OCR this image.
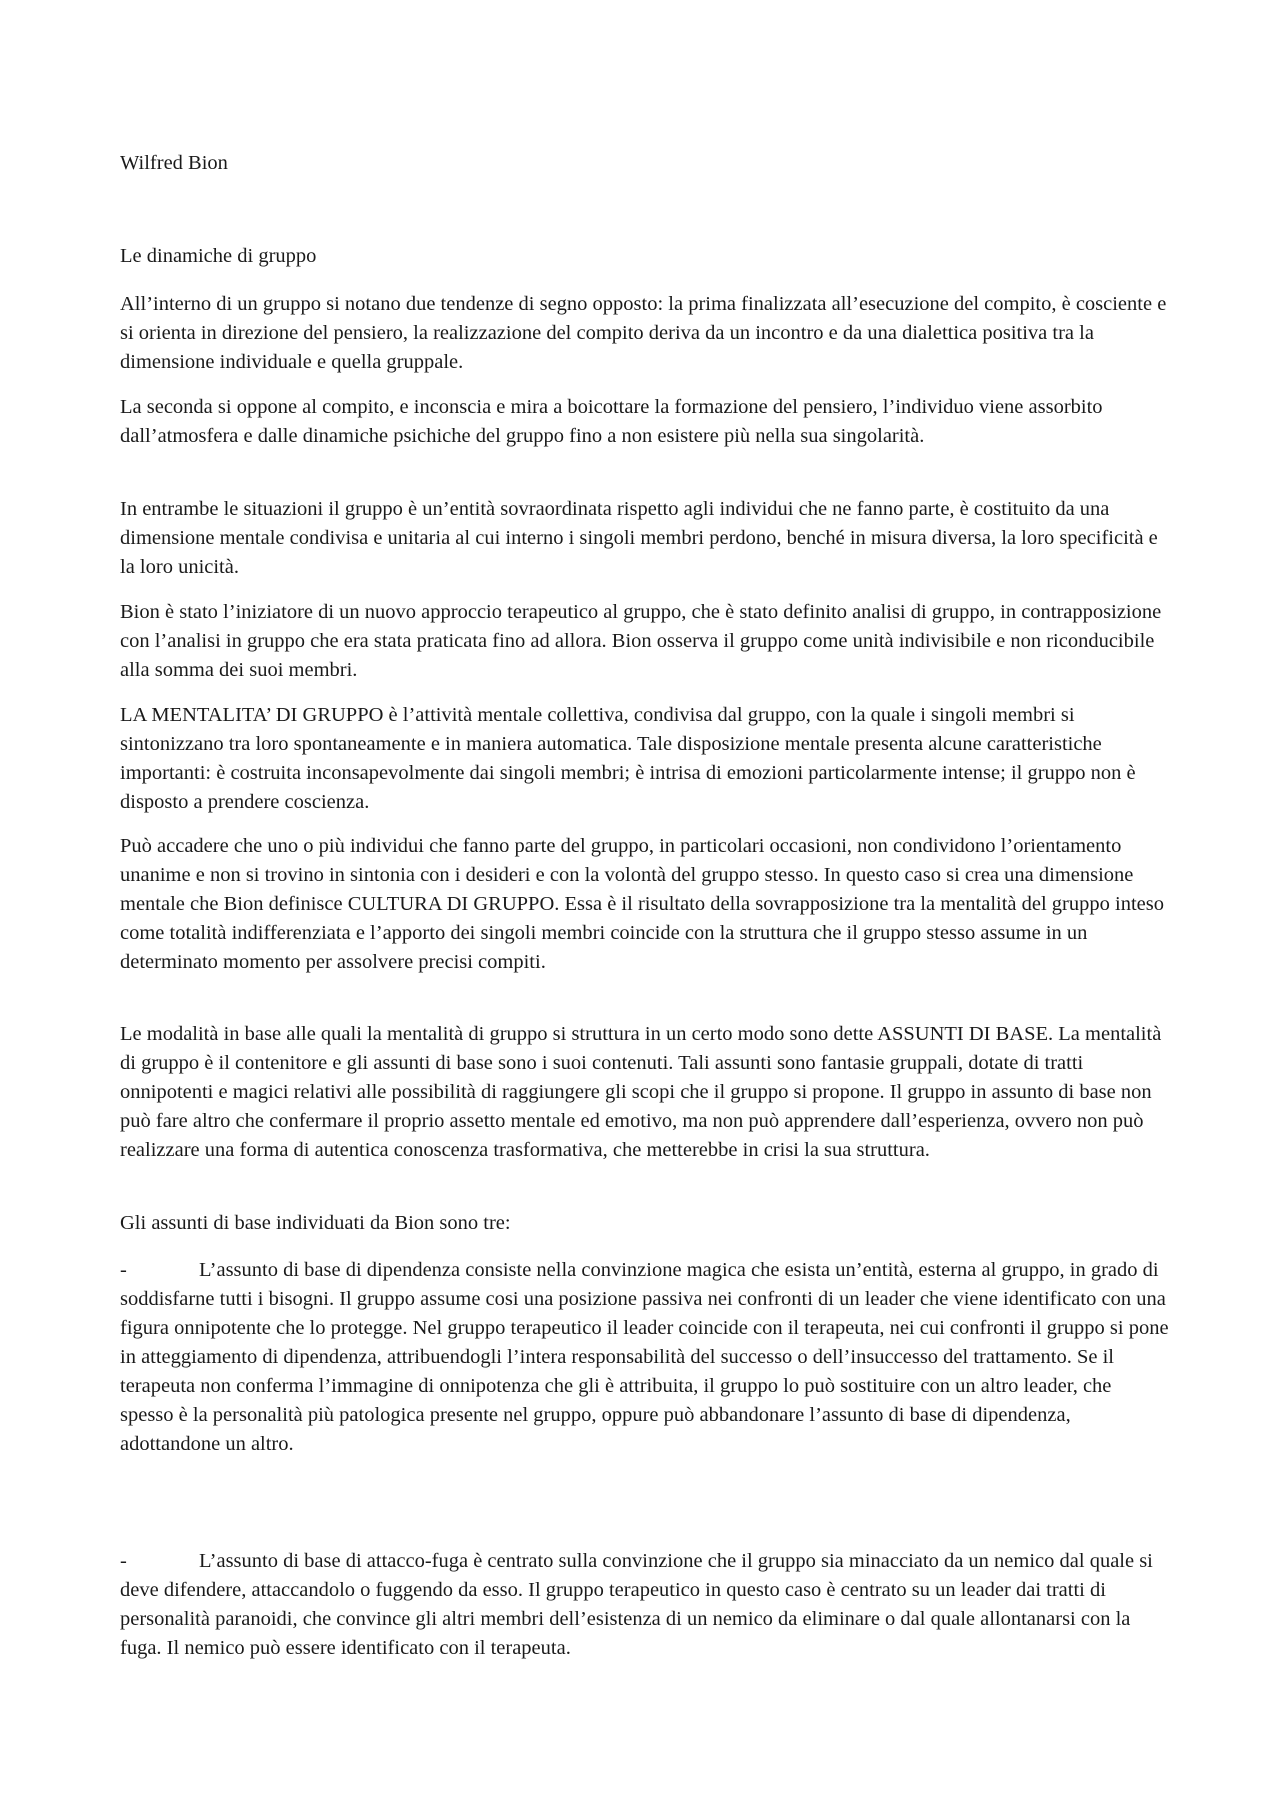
Wilfred Bion

Le dinamiche di gruppo

All’interno di un gruppo si notano due tendenze di segno opposto: la prima finalizzata all’esecuzione del compito, è cosciente e si orienta in direzione del pensiero, la realizzazione del compito deriva da un incontro e da una dialettica positiva tra la dimensione individuale e quella gruppale.

La seconda si oppone al compito, e inconscia e mira a boicottare la formazione del pensiero, l’individuo viene assorbito dall’atmosfera e dalle dinamiche psichiche del gruppo fino a non esistere più nella sua singolarità.

In entrambe le situazioni il gruppo è un’entità sovraordinata rispetto agli individui che ne fanno parte, è costituito da una dimensione mentale condivisa e unitaria al cui interno i singoli membri perdono, benché in misura diversa, la loro specificità e la loro unicità.

Bion è stato l’iniziatore di un nuovo approccio terapeutico al gruppo, che è stato definito analisi di gruppo, in contrapposizione con l’analisi in gruppo che era stata praticata fino ad allora. Bion osserva il gruppo come unità indivisibile e non riconducibile alla somma dei suoi membri.

LA MENTALITA’ DI GRUPPO è l’attività mentale collettiva, condivisa dal gruppo, con la quale i singoli membri si sintonizzano tra loro spontaneamente e in maniera automatica. Tale disposizione mentale presenta alcune caratteristiche importanti: è costruita inconsapevolmente dai singoli membri; è intrisa di emozioni particolarmente intense; il gruppo non è disposto a prendere coscienza.

Può accadere che uno o più individui che fanno parte del gruppo, in particolari occasioni, non condividono l’orientamento unanime e non si trovino in sintonia con i desideri e con la volontà del gruppo stesso. In questo caso si crea una dimensione mentale che Bion definisce CULTURA DI GRUPPO. Essa è il risultato della sovrapposizione tra la mentalità del gruppo inteso come totalità indifferenziata e l’apporto dei singoli membri coincide con la struttura che il gruppo stesso assume in un determinato momento per assolvere precisi compiti.

Le modalità in base alle quali la mentalità di gruppo si struttura in un certo modo sono dette ASSUNTI DI BASE. La mentalità di gruppo è il contenitore e gli assunti di base sono i suoi contenuti. Tali assunti sono fantasie gruppali, dotate di tratti onnipotenti e magici relativi alle possibilità di raggiungere gli scopi che il gruppo si propone. Il gruppo in assunto di base non può fare altro che confermare il proprio assetto mentale ed emotivo, ma non può apprendere dall’esperienza, ovvero non può realizzare una forma di autentica conoscenza trasformativa, che metterebbe in crisi la sua struttura.

Gli assunti di base individuati da Bion sono tre:

-	L’assunto di base di dipendenza consiste nella convinzione magica che esista un’entità, esterna al gruppo, in grado di soddisfarne tutti i bisogni. Il gruppo assume cosi una posizione passiva nei confronti di un leader che viene identificato con una figura onnipotente che lo protegge. Nel gruppo terapeutico il leader coincide con il terapeuta, nei cui confronti il gruppo si pone in atteggiamento di dipendenza, attribuendogli l’intera responsabilità del successo o dell’insuccesso del trattamento. Se il terapeuta non conferma l’immagine di onnipotenza che gli è attribuita, il gruppo lo può sostituire con un altro leader, che spesso è la personalità più patologica presente nel gruppo, oppure può abbandonare l’assunto di base di dipendenza, adottandone un altro.

-	L’assunto di base di attacco-fuga è centrato sulla convinzione che il gruppo sia minacciato da un nemico dal quale si deve difendere, attaccandolo o fuggendo da esso. Il gruppo terapeutico in questo caso è centrato su un leader dai tratti di personalità paranoidi, che convince gli altri membri dell’esistenza di un nemico da eliminare o dal quale allontanarsi con la fuga. Il nemico può essere identificato con il terapeuta.
